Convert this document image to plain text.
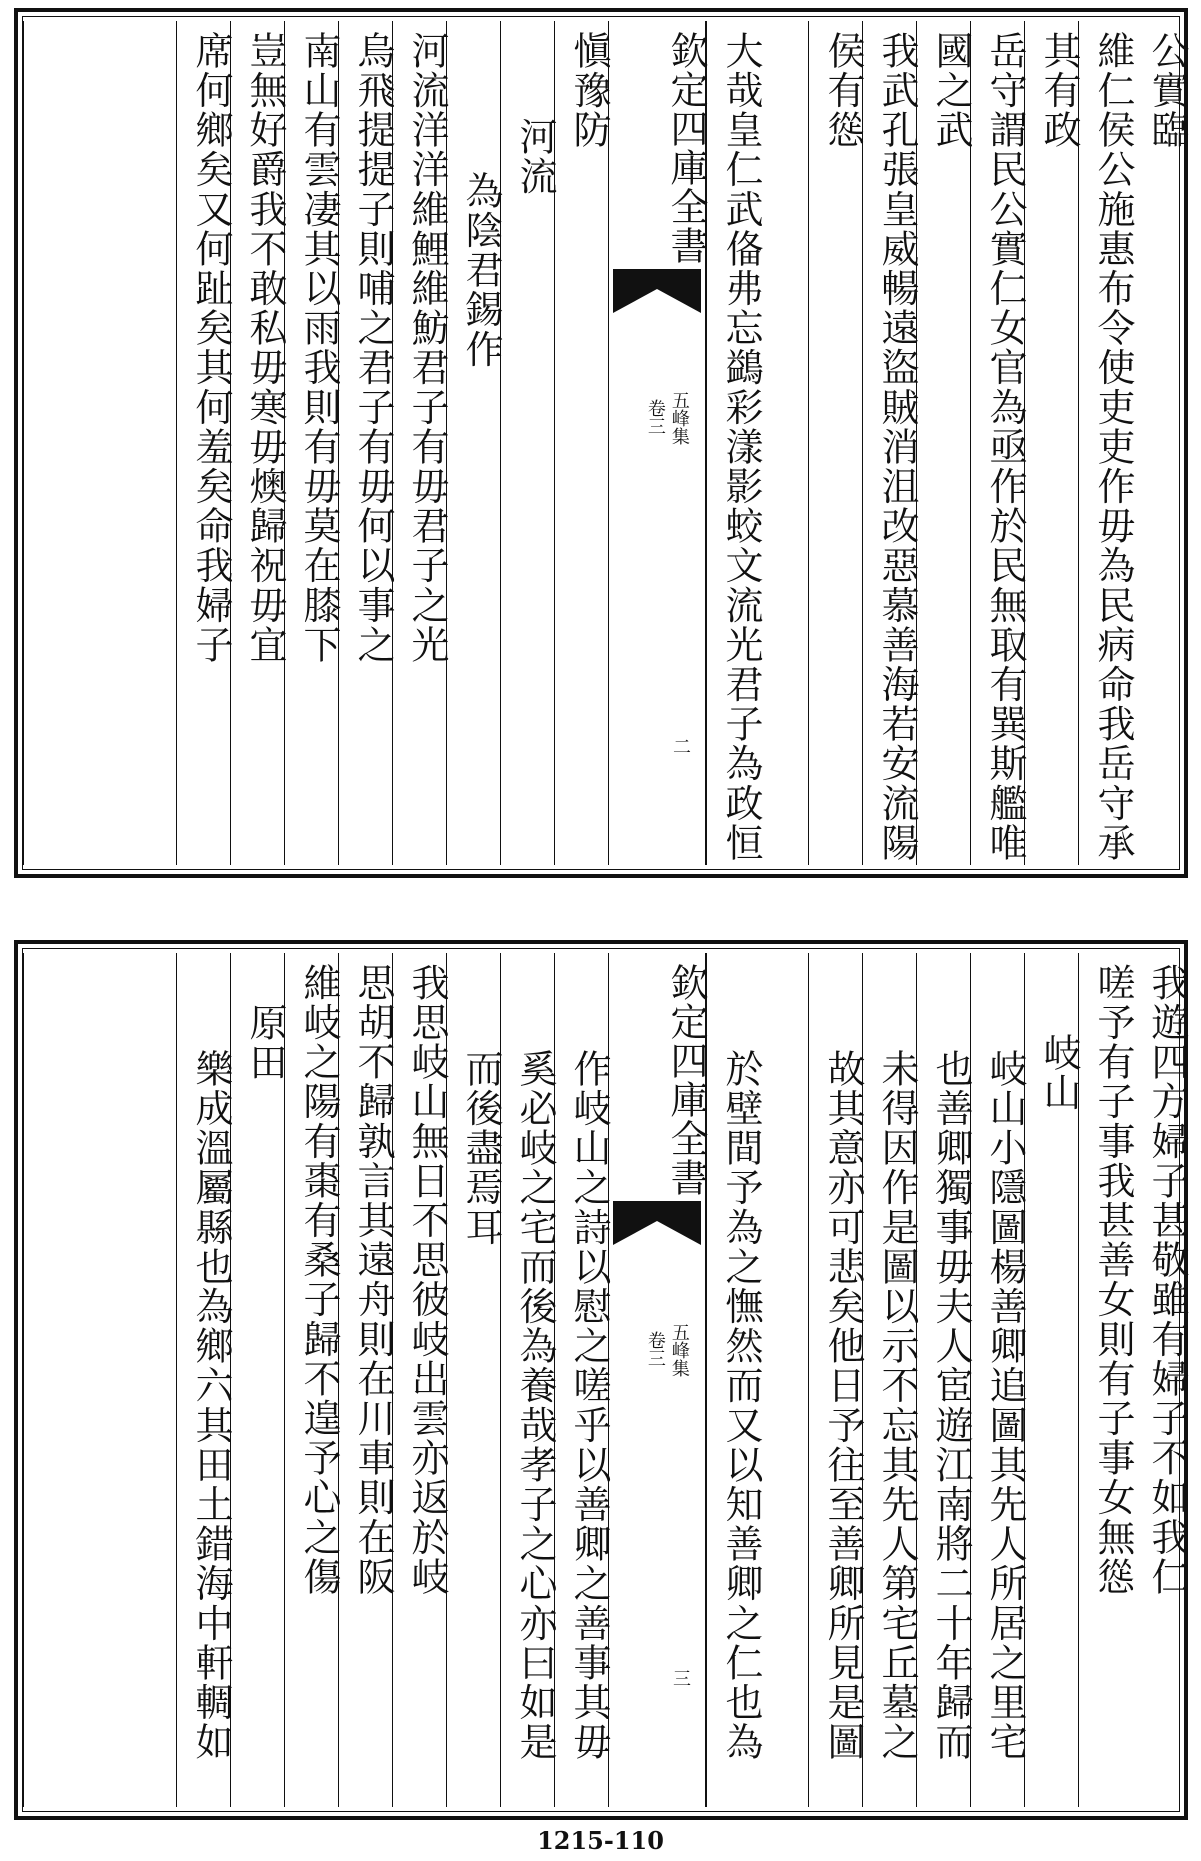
公實臨
維仁侯公施惠布令使吏吏作毋為民病命我岳守承
其有政
岳守謂民公實仁女官為亟作於民無取有巽斯艦唯
國之武
我武孔張皇威暢遠盜賊消沮改惡慕善海若安流陽
侯有慫
大哉皇仁武俻弗忘鷁彩漾影蛟文流光君子為政恒
欽定四庫全書
五峰集
卷三
二
愼豫防
河流
為陰君錫作
河流洋洋維鯉維魴君子有毋君子之光
烏飛提提子則哺之君子有毋何以事之
南山有雲凄其以雨我則有毋莫在膝下
豈無好爵我不敢私毋寒毋燠歸祝毋宜
席何鄉矣又何趾矣其何羞矣命我婦子
我遊四方婦子甚敬雖有婦子不如我仁
嗟予有子事我甚善女則有子事女無慫
岐山
岐山小隱圖楊善卿追圖其先人所居之里宅
也善卿獨事毋夫人宦遊江南將二十年歸而
未得因作是圖以示不忘其先人第宅丘墓之
故其意亦可悲矣他日予往至善卿所見是圖
於壁間予為之憮然而又以知善卿之仁也為
欽定四庫全書
五峰集
卷三
三
作岐山之詩以慰之嗟乎以善卿之善事其毋
奚必岐之宅而後為養哉孝子之心亦曰如是
而後盡焉耳
我思岐山無日不思彼岐出雲亦返於岐
思胡不歸孰言其遠舟則在川車則在阪
維岐之陽有棗有桑子歸不遑予心之傷
原田
樂成溫屬縣也為鄉六其田土錯海中軒輖如
1215-110
